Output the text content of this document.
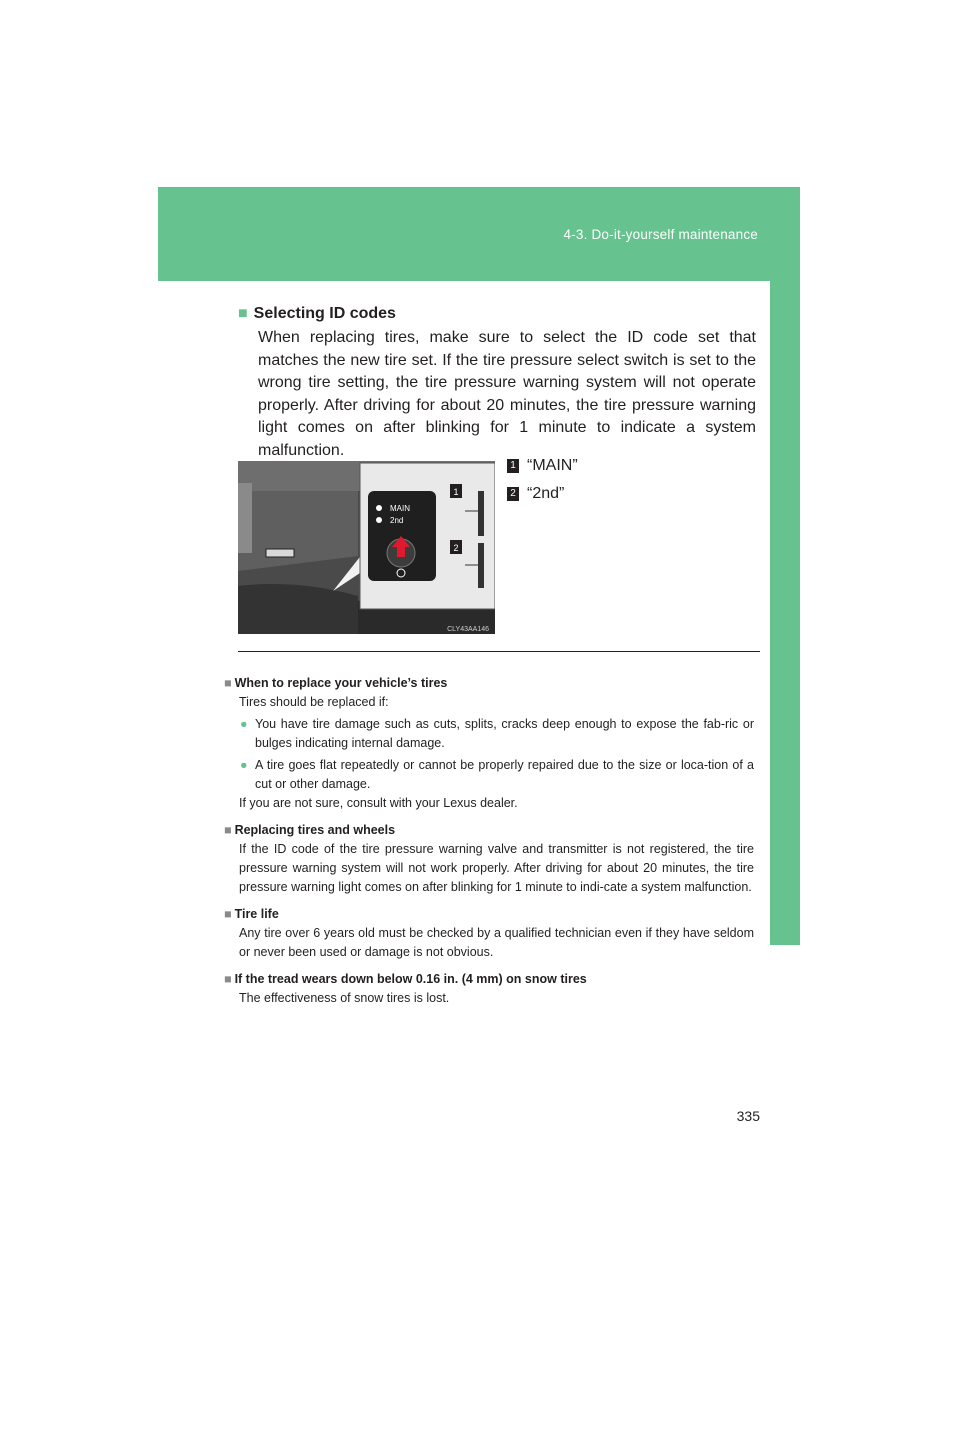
4-3. Do-it-yourself maintenance
Maintenance and care
■ Selecting ID codes

When replacing tires, make sure to select the ID code set that matches the new tire set. If the tire pressure select switch is set to the wrong tire setting, the tire pressure warning system will not operate properly. After driving for about 20 minutes, the tire pressure warning light comes on after blinking for 1 minute to indicate a system malfunction.

MAIN
2nd
1
2
CLY43AA146
1 “MAIN”
2 “2nd”
■ When to replace your vehicle’s tires
Tires should be replaced if:
● You have tire damage such as cuts, splits, cracks deep enough to expose the fab-ric or bulges indicating internal damage.
● A tire goes flat repeatedly or cannot be properly repaired due to the size or loca-tion of a cut or other damage.
If you are not sure, consult with your Lexus dealer.
■ Replacing tires and wheels
If the ID code of the tire pressure warning valve and transmitter is not registered, the tire pressure warning system will not work properly. After driving for about 20 minutes, the tire pressure warning light comes on after blinking for 1 minute to indi-cate a system malfunction.
■ Tire life
Any tire over 6 years old must be checked by a qualified technician even if they have seldom or never been used or damage is not obvious.
■ If the tread wears down below 0.16 in. (4 mm) on snow tires
The effectiveness of snow tires is lost.
335
